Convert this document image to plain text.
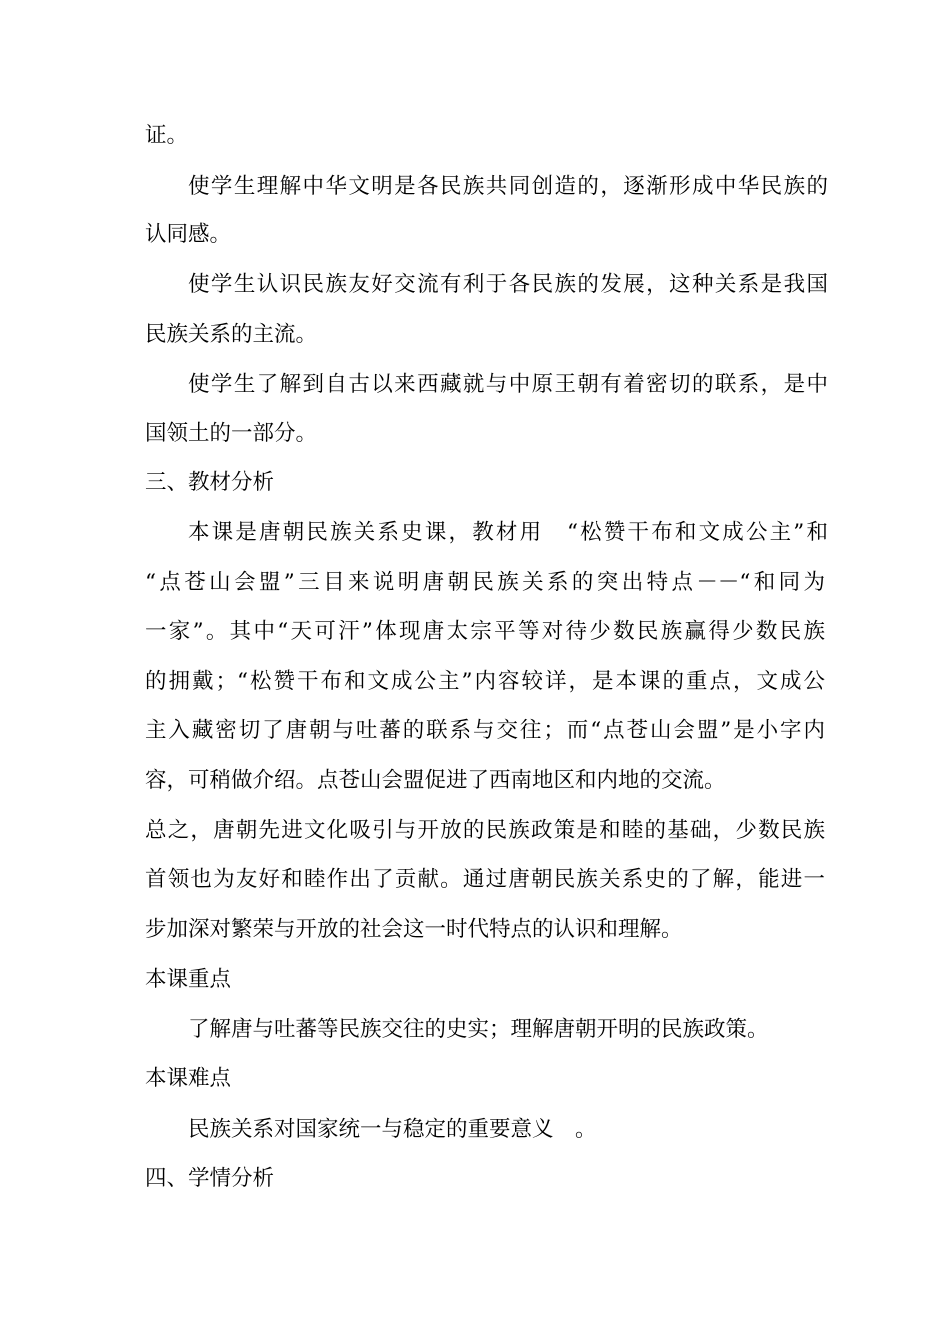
证。
使学生理解中华文明是各民族共同创造的，逐渐形成中华民族的
认同感。
使学生认识民族友好交流有利于各民族的发展，这种关系是我国
民族关系的主流。
使学生了解到自古以来西藏就与中原王朝有着密切的联系，是中
国领土的一部分。
三、教材分析
本课是唐朝民族关系史课，教材用　“松赞干布和文成公主”和
“点苍山会盟”三目来说明唐朝民族关系的突出特点－－“和同为
一家”。其中“天可汗”体现唐太宗平等对待少数民族赢得少数民族
的拥戴；“松赞干布和文成公主”内容较详，是本课的重点，文成公
主入藏密切了唐朝与吐蕃的联系与交往；而“点苍山会盟”是小字内
容，可稍做介绍。点苍山会盟促进了西南地区和内地的交流。
总之，唐朝先进文化吸引与开放的民族政策是和睦的基础，少数民族
首领也为友好和睦作出了贡献。通过唐朝民族关系史的了解，能进一
步加深对繁荣与开放的社会这一时代特点的认识和理解。
本课重点
了解唐与吐蕃等民族交往的史实；理解唐朝开明的民族政策。
本课难点
民族关系对国家统一与稳定的重要意义　。
四、学情分析
